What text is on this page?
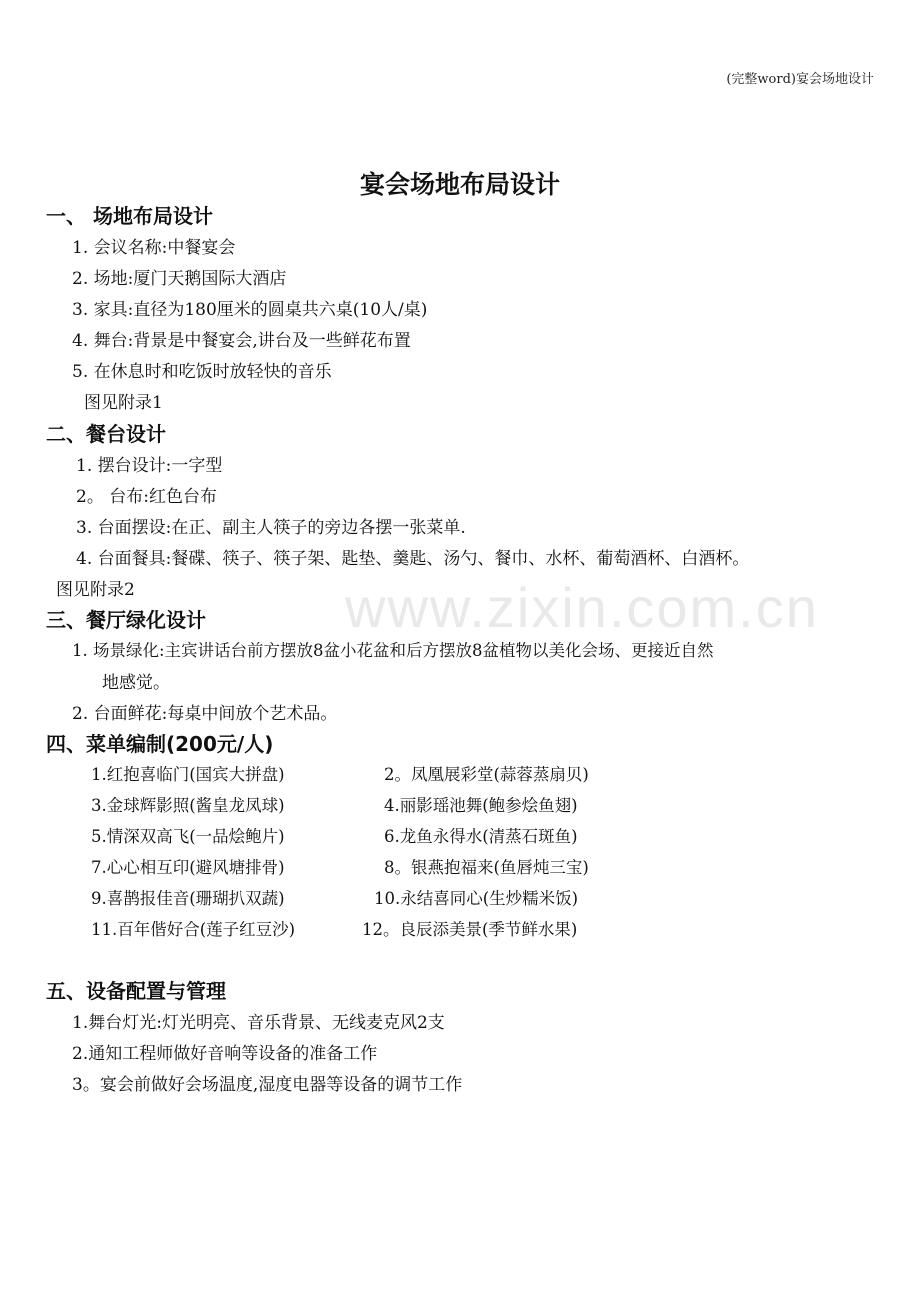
www.zixin.com.cn
(完整word)宴会场地设计
宴会场地布局设计
一、 场地布局设计
1. 会议名称:中餐宴会
2. 场地:厦门天鹅国际大酒店
3. 家具:直径为180厘米的圆桌共六桌(10人/桌)
4. 舞台:背景是中餐宴会,讲台及一些鲜花布置
5. 在休息时和吃饭时放轻快的音乐
图见附录1
二、餐台设计
1. 摆台设计:一字型
2。 台布:红色台布
3. 台面摆设:在正、副主人筷子的旁边各摆一张菜单.
4. 台面餐具:餐碟、筷子、筷子架、匙垫、羹匙、汤勺、餐巾、水杯、葡萄酒杯、白酒杯。
图见附录2
三、餐厅绿化设计
1. 场景绿化:主宾讲话台前方摆放8盆小花盆和后方摆放8盆植物以美化会场、更接近自然
地感觉。
2. 台面鲜花:每桌中间放个艺术品。
四、菜单编制(200元/人)
1.红抱喜临门(国宾大拼盘)
3.金球辉影照(酱皇龙凤球)
5.情深双高飞(一品烩鲍片)
7.心心相互印(避风塘排骨)
9.喜鹊报佳音(珊瑚扒双蔬)
11.百年偕好合(莲子红豆沙)
2。凤凰展彩堂(蒜蓉蒸扇贝)
4.丽影瑶池舞(鲍参烩鱼翅)
6.龙鱼永得水(清蒸石斑鱼)
8。银燕抱福来(鱼唇炖三宝)
10.永结喜同心(生炒糯米饭)
12。良辰添美景(季节鲜水果)
五、设备配置与管理
1.舞台灯光:灯光明亮、音乐背景、无线麦克风2支
2.通知工程师做好音响等设备的准备工作
3。宴会前做好会场温度,湿度电器等设备的调节工作
